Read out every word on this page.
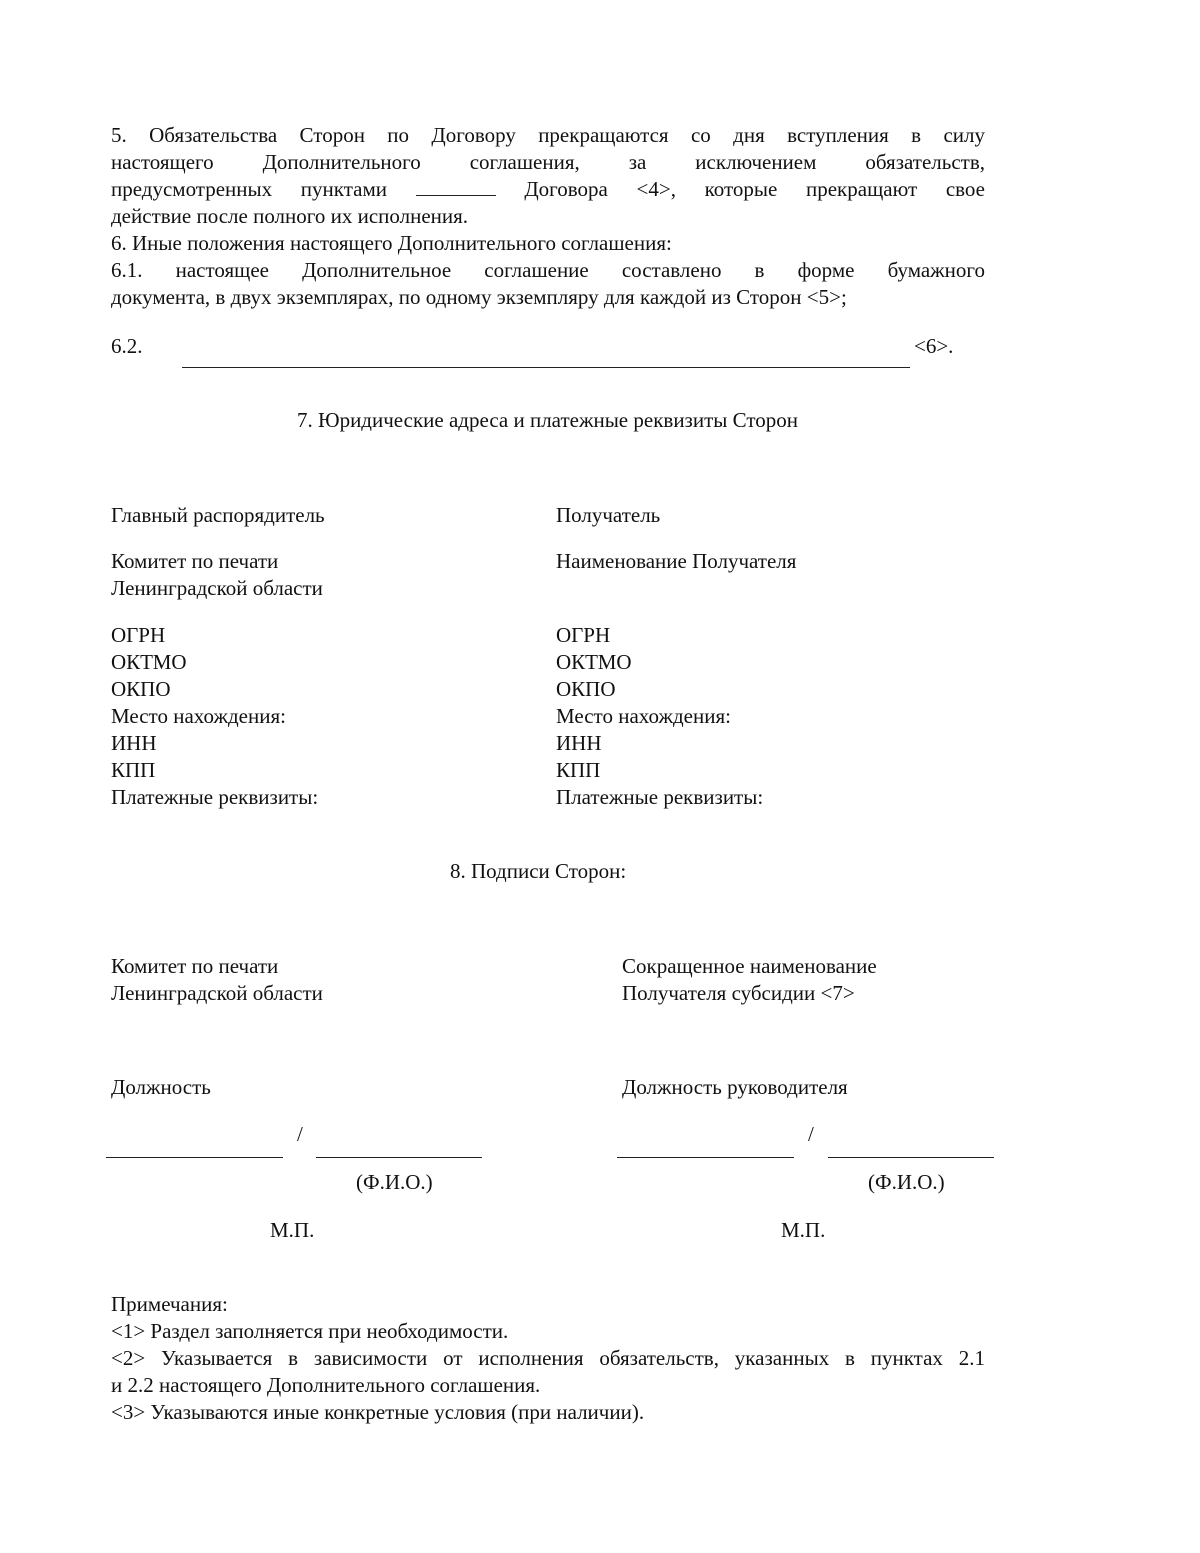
5. Обязательства Сторон по Договору прекращаются со дня вступления в силу
настоящего Дополнительного соглашения, за исключением обязательств,
предусмотренных пунктами	Договора <4>, которые прекращают свое
действие после полного их исполнения.
6. Иные положения настоящего Дополнительного соглашения:
6.1. настоящее Дополнительное соглашение составлено в форме бумажного
документа, в двух экземплярах, по одному экземпляру для каждой из Сторон <5>;
6.2.	<6>.
7. Юридические адреса и платежные реквизиты Сторон
Главный распорядитель
Комитет по печати
Ленинградской области
ОГРН
ОКТМО
ОКПО
Место нахождения:
ИНН
КПП
Платежные реквизиты:
Получатель
Наименование Получателя
ОГРН
ОКТМО
ОКПО
Место нахождения:
ИНН
КПП
Платежные реквизиты:
8. Подписи Сторон:
Комитет по печати
Ленинградской области
Должность
/
(Ф.И.О.)
М.П.
Сокращенное наименование
Получателя субсидии <7>
Должность руководителя
/
(Ф.И.О.)
М.П.
Примечания:
<1> Раздел заполняется при необходимости.
<2> Указывается в зависимости от исполнения обязательств, указанных в пунктах 2.1
и 2.2 настоящего Дополнительного соглашения.
<3> Указываются иные конкретные условия (при наличии).
